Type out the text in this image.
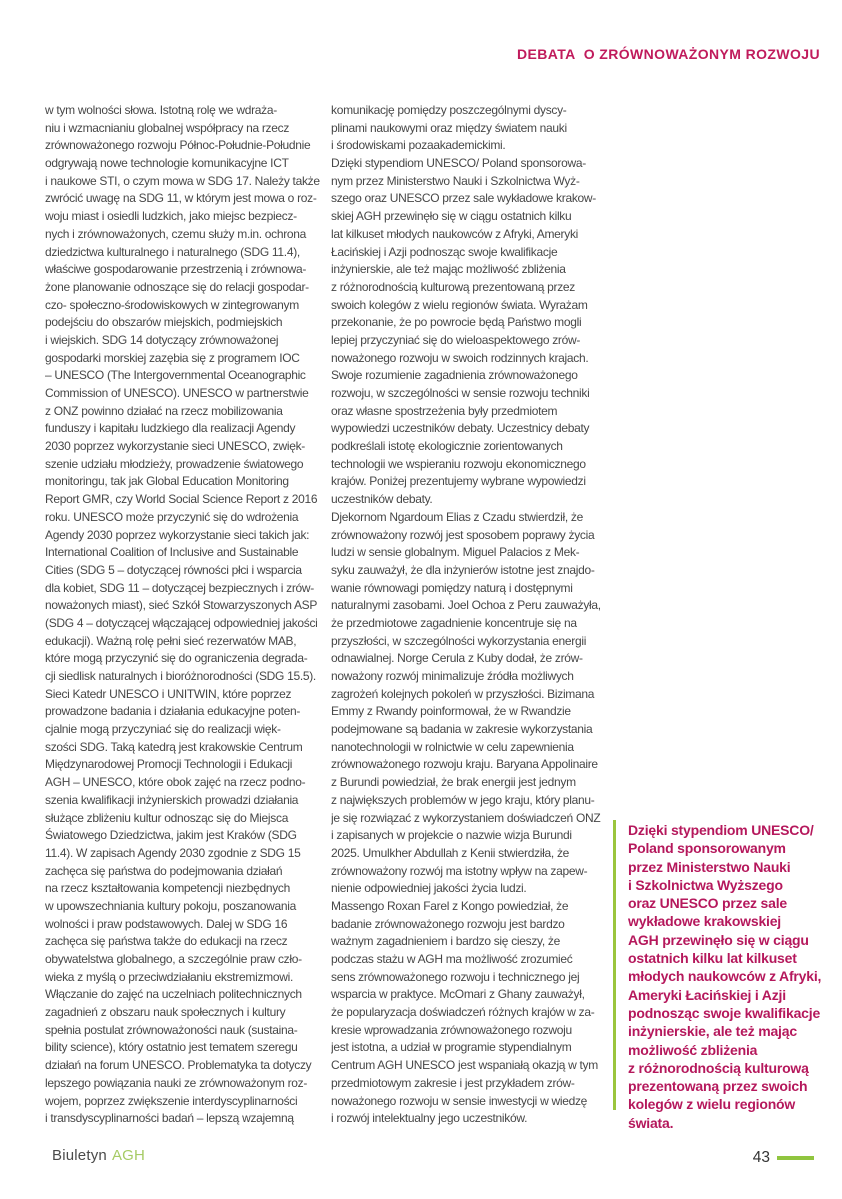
DEBATA  O ZRÓWNOWAŻONYM ROZWOJU
w tym wolności słowa. Istotną rolę we wdraża-
niu i wzmacnianiu globalnej współpracy na rzecz
zrównoważonego rozwoju Północ-Południe-Południe
odgrywają nowe technologie komunikacyjne ICT
i naukowe STI, o czym mowa w SDG 17. Należy także
zwrócić uwagę na SDG 11, w którym jest mowa o roz-
woju miast i osiedli ludzkich, jako miejsc bezpiecz-
nych i zrównoważonych, czemu służy m.in. ochrona
dziedzictwa kulturalnego i naturalnego (SDG 11.4),
właściwe gospodarowanie przestrzenią i zrównowa-
żone planowanie odnoszące się do relacji gospodar-
czo- społeczno-środowiskowych w zintegrowanym
podejściu do obszarów miejskich, podmiejskich
i wiejskich. SDG 14 dotyczący zrównoważonej
gospodarki morskiej zazębia się z programem IOC
– UNESCO (The Intergovernmental Oceanographic
Commission of UNESCO). UNESCO w partnerstwie
z ONZ powinno działać na rzecz mobilizowania
funduszy i kapitału ludzkiego dla realizacji Agendy
2030 poprzez wykorzystanie sieci UNESCO, zwięk-
szenie udziału młodzieży, prowadzenie światowego
monitoringu, tak jak Global Education Monitoring
Report GMR, czy World Social Science Report z 2016
roku. UNESCO może przyczynić się do wdrożenia
Agendy 2030 poprzez wykorzystanie sieci takich jak:
International Coalition of Inclusive and Sustainable
Cities (SDG 5 – dotyczącej równości płci i wsparcia
dla kobiet, SDG 11 – dotyczącej bezpiecznych i zrów-
noważonych miast), sieć Szkół Stowarzyszonych ASP
(SDG 4 – dotyczącej włączającej odpowiedniej jakości
edukacji). Ważną rolę pełni sieć rezerwatów MAB,
które mogą przyczynić się do ograniczenia degrada-
cji siedlisk naturalnych i bioróżnorodności (SDG 15.5).
Sieci Katedr UNESCO i UNITWIN, które poprzez
prowadzone badania i działania edukacyjne poten-
cjalnie mogą przyczyniać się do realizacji więk-
szości SDG. Taką katedrą jest krakowskie Centrum
Międzynarodowej Promocji Technologii i Edukacji
AGH – UNESCO, które obok zajęć na rzecz podno-
szenia kwalifikacji inżynierskich prowadzi działania
służące zbliżeniu kultur odnosząc się do Miejsca
Światowego Dziedzictwa, jakim jest Kraków (SDG
11.4). W zapisach Agendy 2030 zgodnie z SDG 15
zachęca się państwa do podejmowania działań
na rzecz kształtowania kompetencji niezbędnych
w upowszechniania kultury pokoju, poszanowania
wolności i praw podstawowych. Dalej w SDG 16
zachęca się państwa także do edukacji na rzecz
obywatelstwa globalnego, a szczególnie praw czło-
wieka z myślą o przeciwdziałaniu ekstremizmowi.
Włączanie do zajęć na uczelniach politechnicznych
zagadnień z obszaru nauk społecznych i kultury
spełnia postulat zrównoważoności nauk (sustaina-
bility science), który ostatnio jest tematem szeregu
działań na forum UNESCO. Problematyka ta dotyczy
lepszego powiązania nauki ze zrównoważonym roz-
wojem, poprzez zwiększenie interdyscyplinarności
i transdyscyplinarności badań – lepszą wzajemną
komunikację pomiędzy poszczególnymi dyscy-
plinami naukowymi oraz między światem nauki
i środowiskami pozaakademickimi.
Dzięki stypendiom UNESCO/ Poland sponsorowa-
nym przez Ministerstwo Nauki i Szkolnictwa Wyż-
szego oraz UNESCO przez sale wykładowe krakow-
skiej AGH przewinęło się w ciągu ostatnich kilku
lat kilkuset młodych naukowców z Afryki, Ameryki
Łacińskiej i Azji podnosząc swoje kwalifikacje
inżynierskie, ale też mając możliwość zbliżenia
z różnorodnością kulturową prezentowaną przez
swoich kolegów z wielu regionów świata. Wyrażam
przekonanie, że po powrocie będą Państwo mogli
lepiej przyczyniać się do wieloaspektowego zrów-
noważonego rozwoju w swoich rodzinnych krajach.
Swoje rozumienie zagadnienia zrównoważonego
rozwoju, w szczególności w sensie rozwoju techniki
oraz własne spostrzeżenia były przedmiotem
wypowiedzi uczestników debaty. Uczestnicy debaty
podkreślali istotę ekologicznie zorientowanych
technologii we wspieraniu rozwoju ekonomicznego
krajów. Poniżej prezentujemy wybrane wypowiedzi
uczestników debaty.
Djekornom Ngardoum Elias z Czadu stwierdził, że
zrównoważony rozwój jest sposobem poprawy życia
ludzi w sensie globalnym. Miguel Palacios z Mek-
syku zauważył, że dla inżynierów istotne jest znajdo-
wanie równowagi pomiędzy naturą i dostępnymi
naturalnymi zasobami. Joel Ochoa z Peru zauważyła,
że przedmiotowe zagadnienie koncentruje się na
przyszłości, w szczególności wykorzystania energii
odnawialnej. Norge Cerula z Kuby dodał, że zrów-
noważony rozwój minimalizuje źródła możliwych
zagrożeń kolejnych pokoleń w przyszłości. Bizimana
Emmy z Rwandy poinformował, że w Rwandzie
podejmowane są badania w zakresie wykorzystania
nanotechnologii w rolnictwie w celu zapewnienia
zrównoważonego rozwoju kraju. Baryana Appolinaire
z Burundi powiedział, że brak energii jest jednym
z największych problemów w jego kraju, który planu-
je się rozwiązać z wykorzystaniem doświadczeń ONZ
i zapisanych w projekcie o nazwie wizja Burundi
2025. Umulkher Abdullah z Kenii stwierdziła, że
zrównoważony rozwój ma istotny wpływ na zapew-
nienie odpowiedniej jakości życia ludzi.
Massengo Roxan Farel z Kongo powiedział, że
badanie zrównoważonego rozwoju jest bardzo
ważnym zagadnieniem i bardzo się cieszy, że
podczas stażu w AGH ma możliwość zrozumieć
sens zrównoważonego rozwoju i technicznego jej
wsparcia w praktyce. McOmari z Ghany zauważył,
że popularyzacja doświadczeń różnych krajów w za-
kresie wprowadzania zrównoważonego rozwoju
jest istotna, a udział w programie stypendialnym
Centrum AGH UNESCO jest wspaniałą okazją w tym
przedmiotowym zakresie i jest przykładem zrów-
noważonego rozwoju w sensie inwestycji w wiedzę
i rozwój intelektualny jego uczestników.
Dzięki stypendiom UNESCO/
Poland sponsorowanym
przez Ministerstwo Nauki
i Szkolnictwa Wyższego
oraz UNESCO przez sale
wykładowe krakowskiej
AGH przewinęło się w ciągu
ostatnich kilku lat kilkuset
młodych naukowców z Afryki,
Ameryki Łacińskiej i Azji
podnosząc swoje kwalifikacje
inżynierskie, ale też mając
możliwość zbliżenia
z różnorodnością kulturową
prezentowaną przez swoich
kolegów z wielu regionów
świata.
Biuletyn AGH	43
